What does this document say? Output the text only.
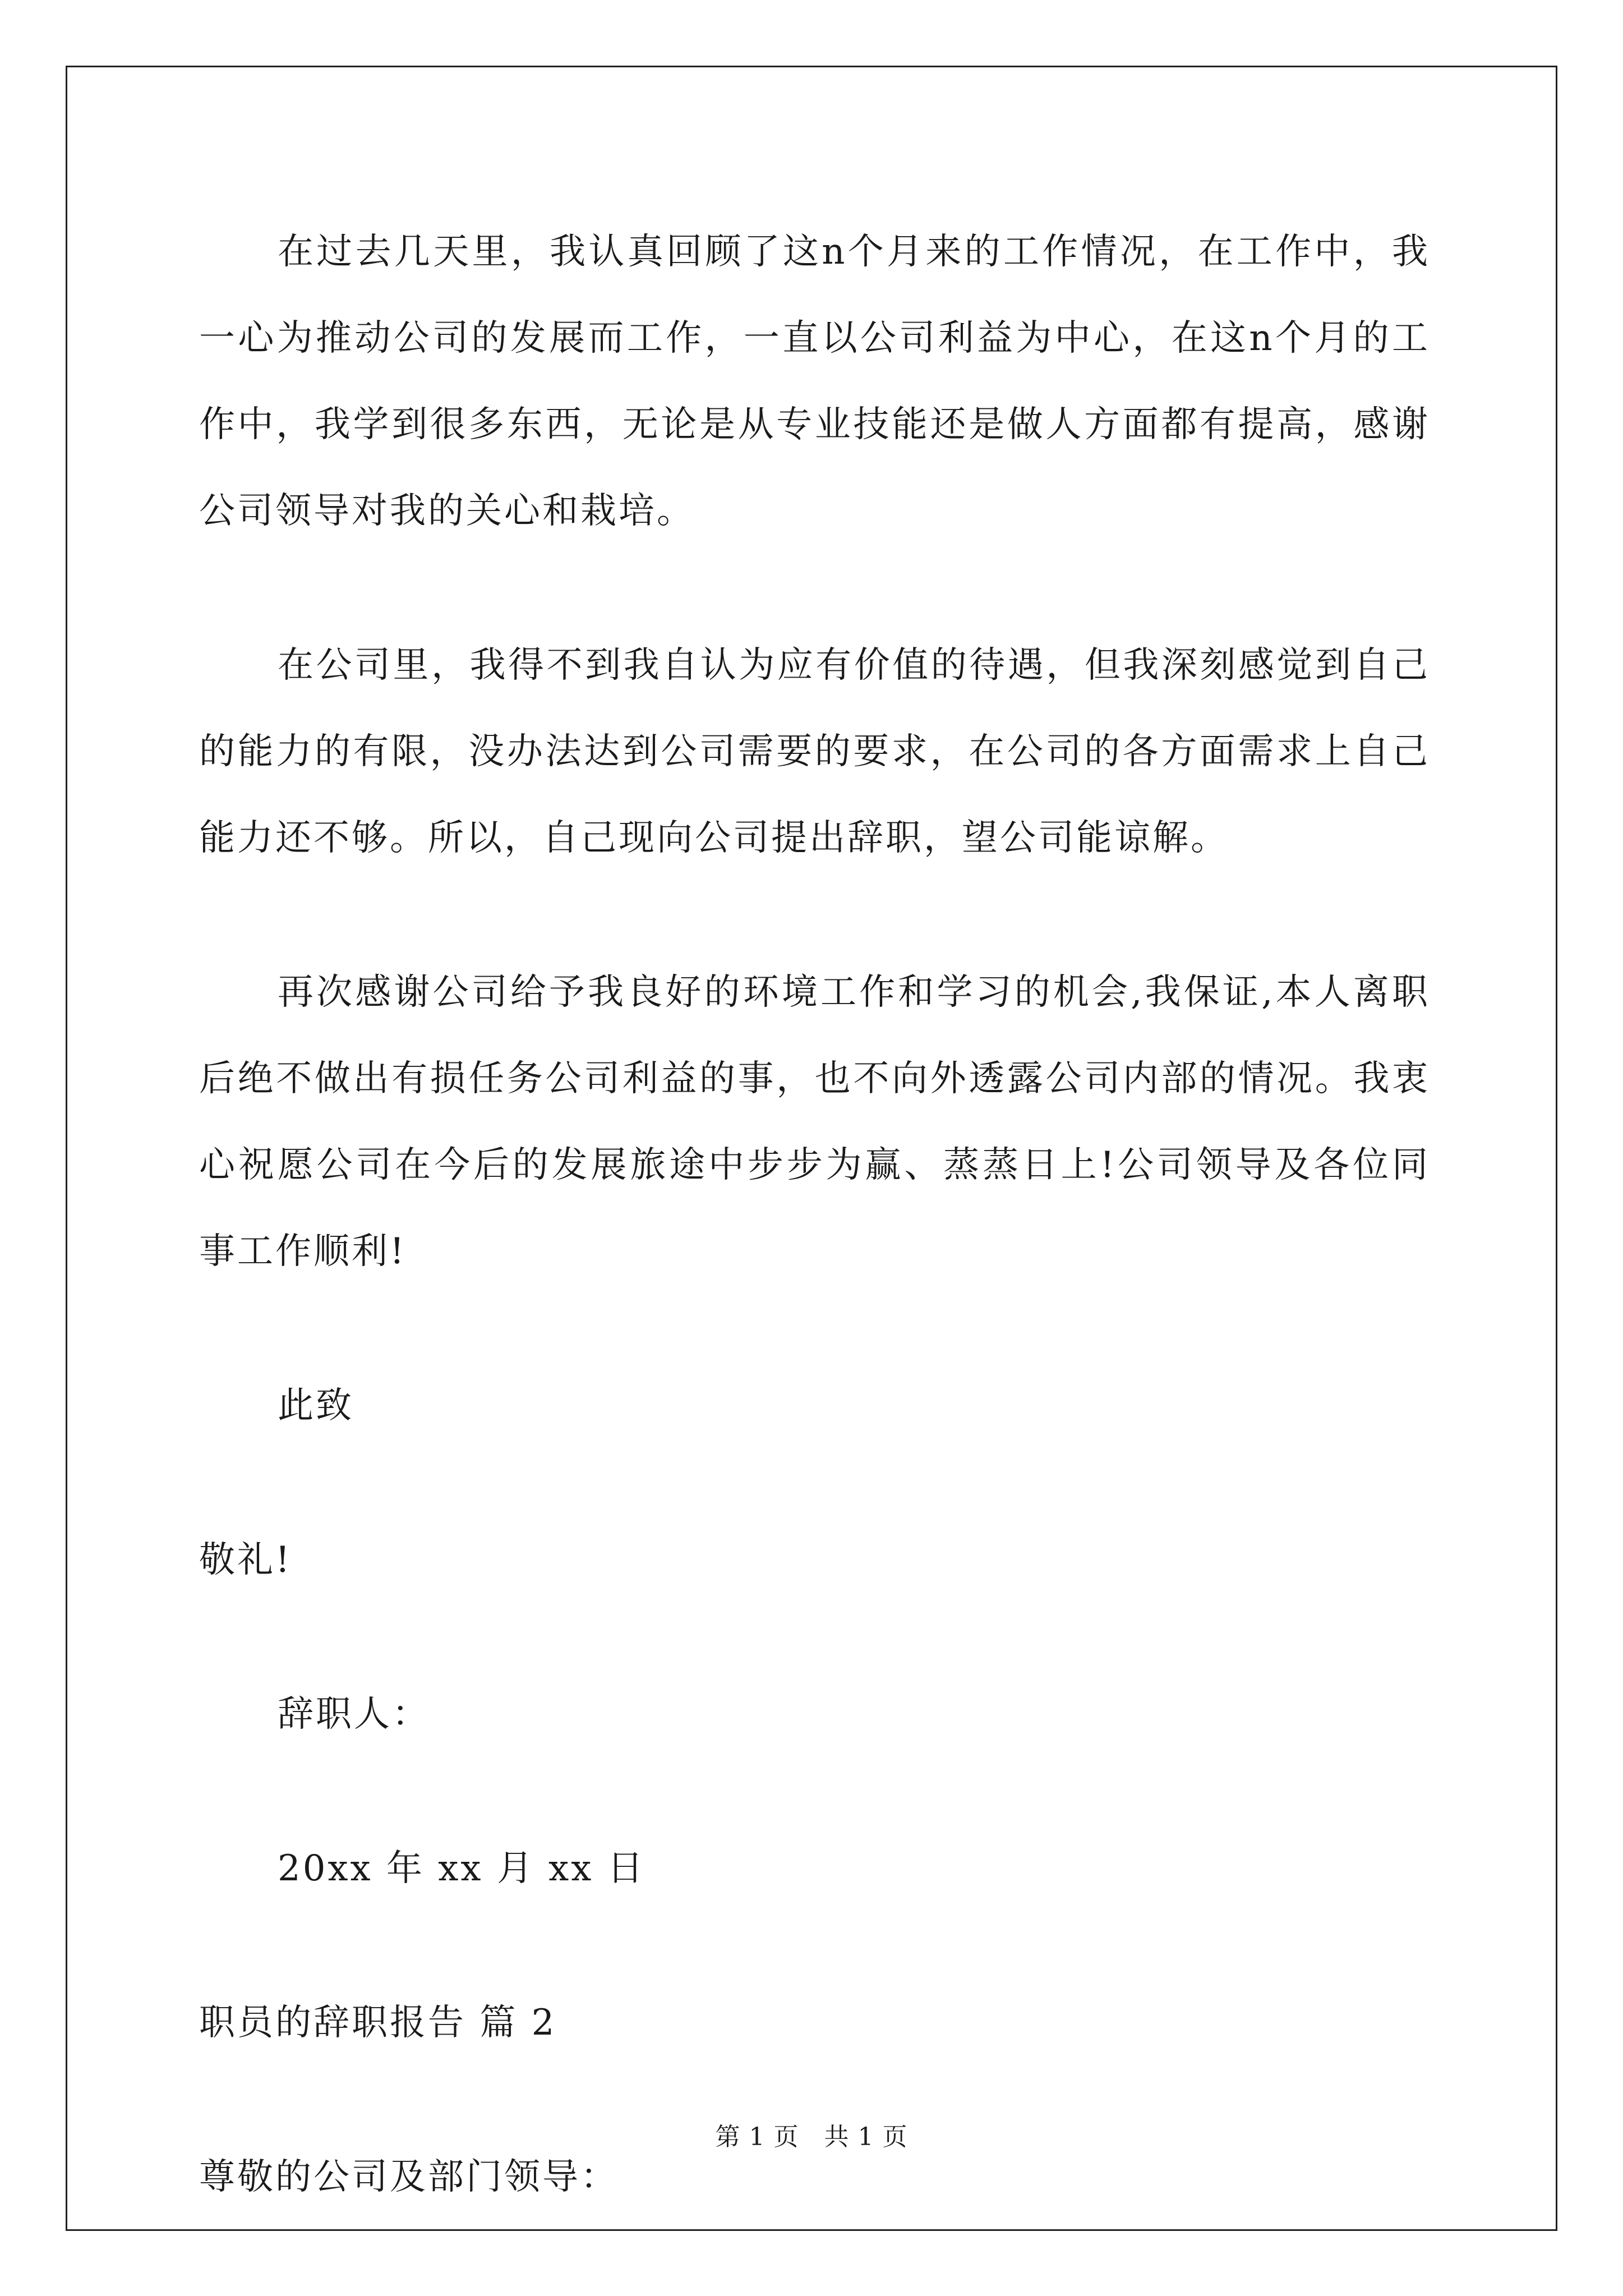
在过去几天里，我认真回顾了这n个月来的工作情况，在工作中，我一心为推动公司的发展而工作，一直以公司利益为中心，在这n个月的工作中，我学到很多东西，无论是从专业技能还是做人方面都有提高，感谢公司领导对我的关心和栽培。

在公司里，我得不到我自认为应有价值的待遇，但我深刻感觉到自己的能力的有限，没办法达到公司需要的要求，在公司的各方面需求上自己能力还不够。所以，自己现向公司提出辞职，望公司能谅解。

再次感谢公司给予我良好的环境工作和学习的机会,我保证,本人离职后绝不做出有损任务公司利益的事，也不向外透露公司内部的情况。我衷心祝愿公司在今后的发展旅途中步步为赢、蒸蒸日上!公司领导及各位同事工作顺利!

此致
敬礼!
辞职人：
20xx 年 xx 月 xx 日
职员的辞职报告 篇 2
尊敬的公司及部门领导：
第 1 页   共 1 页
